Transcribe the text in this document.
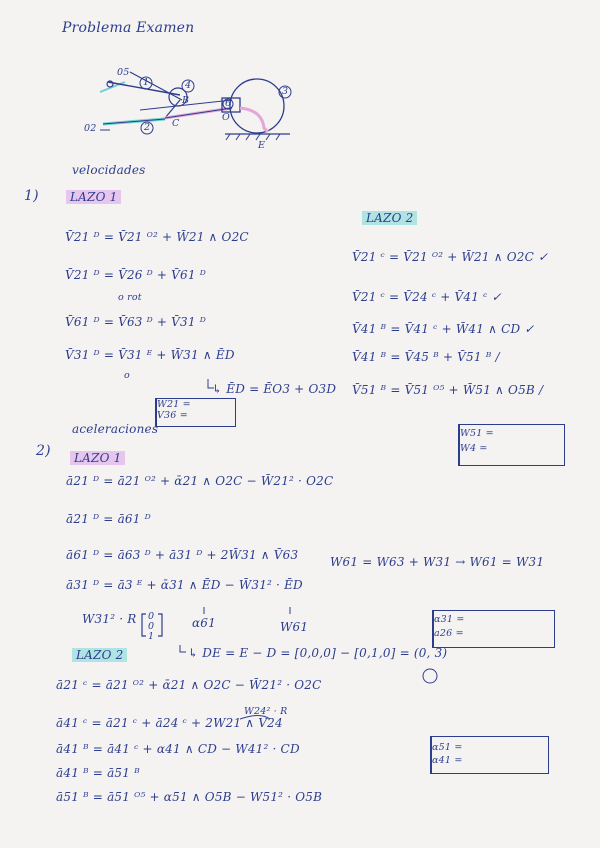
Problema Examen
05
1	4
B
02	2 C
6
O
3
E
velocidades
1)	LAZO 1
LAZO 2
V̄21 ᴰ = V̄21 ᴼ² + W̄21 ∧ O2C
V̄21 ᴰ = V̄26 ᴰ + V̄61 ᴰ
o rot
V̄61 ᴰ = V̄63 ᴰ + V̄31 ᴰ
V̄31 ᴰ = V̄31 ᴱ + W̄31 ∧ ĒD
o
↳ ĒD = ĒO3 + O3D
W21 =
V36 =
V̄21 ᶜ = V̄21 ᴼ² + W̄21 ∧ O2C ✓
V̄21 ᶜ = V̄24 ᶜ + V̄41 ᶜ ✓
V̄41 ᴮ = V̄41 ᶜ + W̄41 ∧ CD ✓
V̄41 ᴮ = V̄45 ᴮ + V̄51 ᴮ /
V̄51 ᴮ = V̄51 ᴼ⁵ + W̄51 ∧ O5B /
W51 =
W4 =
aceleraciones
2)	LAZO 1
ā21 ᴰ = ā21 ᴼ² + ᾱ21 ∧ O2C − W̄21² · O2C
ā21 ᴰ = ā61 ᴰ
ā61 ᴰ = ā63 ᴰ + ā31 ᴰ + 2W̄31 ∧ V̄63	W61 = W63 + W31 → W61 = W31
ā31 ᴰ = ā3 ᴱ + ᾱ31 ∧ ĒD − W̄31² · ĒD
W31² · R 0
0
1
α61	W61
↳ DE = E − D = [0,0,0] − [0,1,0] = (0, 3)
α31 =
a26 =
LAZO 2
ā21 ᶜ = ā21 ᴼ² + ᾱ21 ∧ O2C − W̄21² · O2C
W24² · R
ā41 ᶜ = ā21 ᶜ + ā24 ᶜ + 2W21 ∧ V24
ā41 ᴮ = ā41 ᶜ + α41 ∧ CD − W41² · CD
ā41 ᴮ = ā51 ᴮ
ā51 ᴮ = ā51 ᴼ⁵ + α51 ∧ O5B − W51² · O5B
α51 =
α41 =
